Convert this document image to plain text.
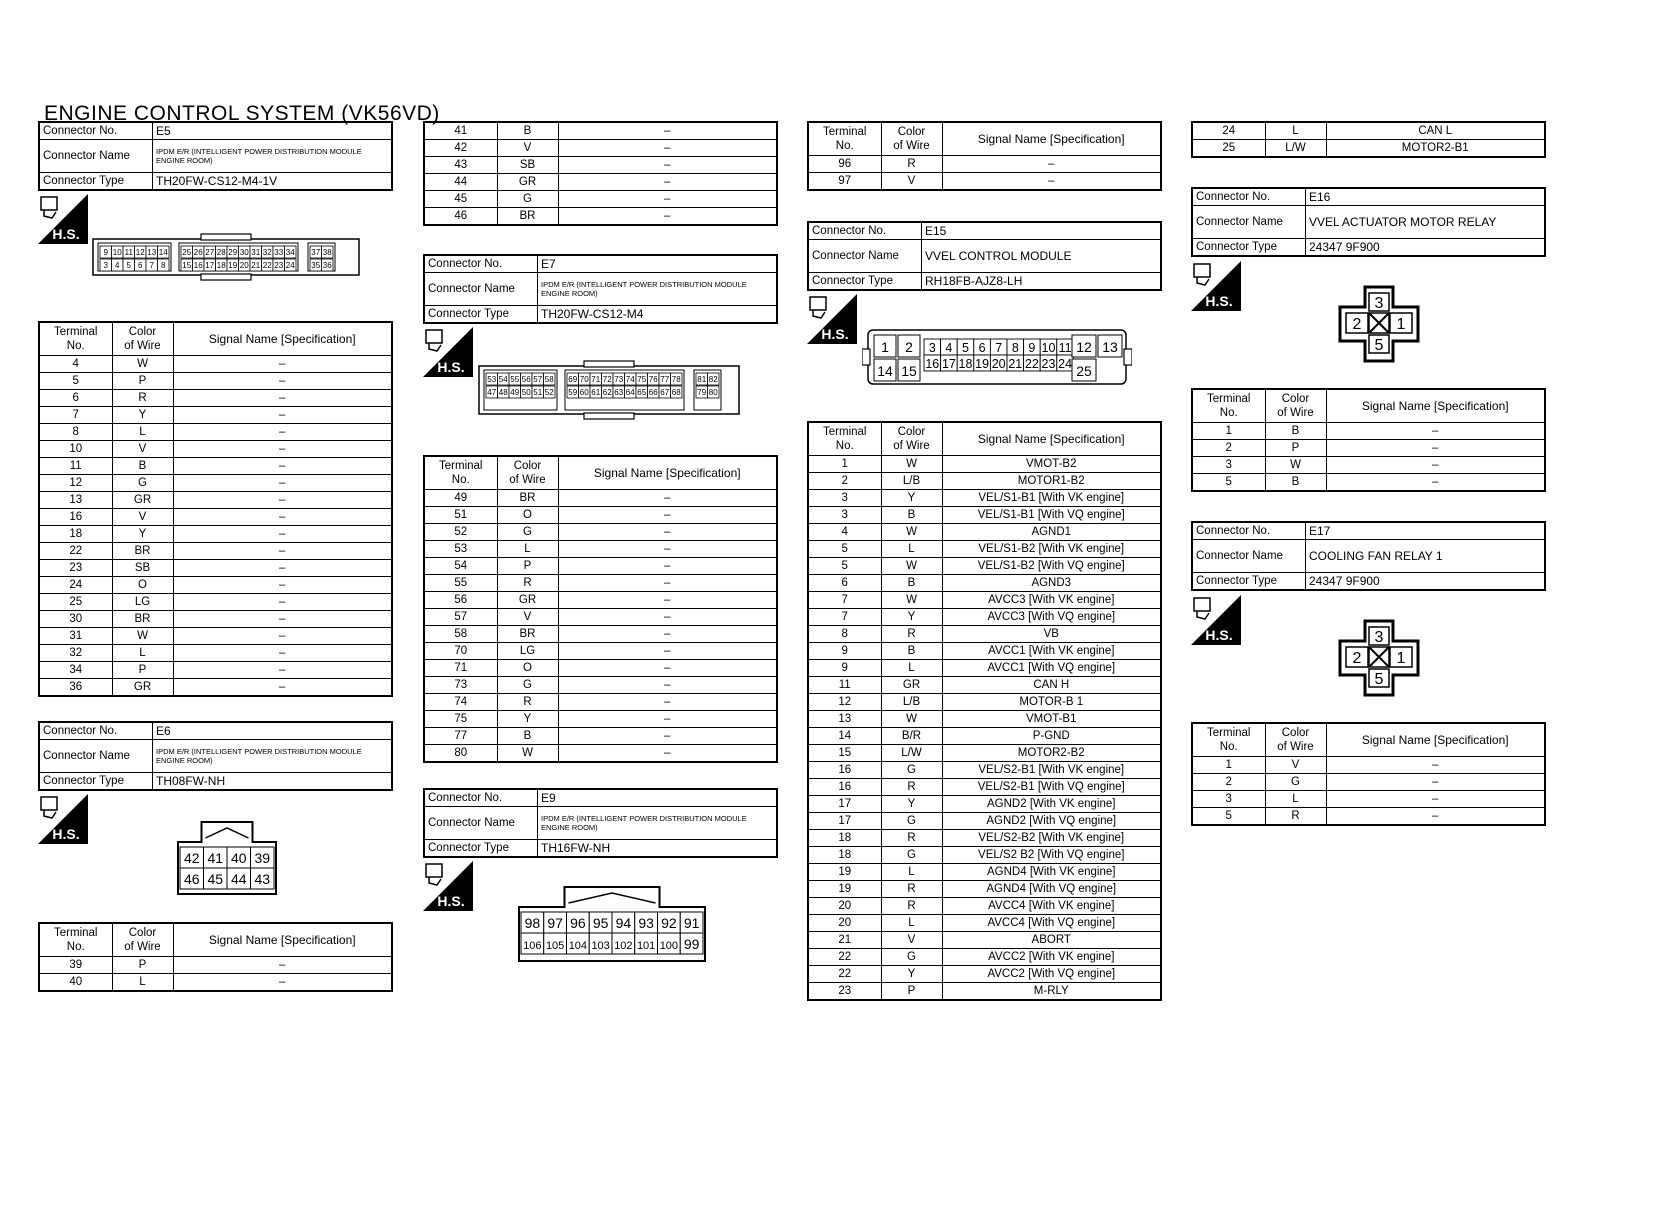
ENGINE CONTROL SYSTEM (VK56VD)
Connector No.	E5
Connector Name	IPDM E/R (INTELLIGENT POWER DISTRIBUTION MODULE ENGINE ROOM)
Connector Type	TH20FW-CS12-M4-1V
H.S.
9
3
10
4
11
5
12
6
13
7
14
8
25
15
26
16
27
17
28
18
29
19
30
20
31
21
32
22
33
23
34
24
37
35
38
36
Terminal
No.	Color
of Wire	Signal Name [Specification]
4	W	–
5	P	–
6	R	–
7	Y	–
8	L	–
10	V	–
11	B	–
12	G	–
13	GR	–
16	V	–
18	Y	–
22	BR	–
23	SB	–
24	O	–
25	LG	–
30	BR	–
31	W	–
32	L	–
34	P	–
36	GR	–
Connector No.	E6
Connector Name	IPDM E/R (INTELLIGENT POWER DISTRIBUTION MODULE ENGINE ROOM)
Connector Type	TH08FW-NH
H.S.
42
46
41
45
40
44
39
43
Terminal
No.	Color
of Wire	Signal Name [Specification]
39	P	–
40	L	–
41	B	–
42	V	–
43	SB	–
44	GR	–
45	G	–
46	BR	–
Connector No.	E7
Connector Name	IPDM E/R (INTELLIGENT POWER DISTRIBUTION MODULE ENGINE ROOM)
Connector Type	TH20FW-CS12-M4
H.S.
53
47
54
48
55
49
56
50
57
51
58
52
69
59
70
60
71
61
72
62
73
63
74
64
75
65
76
66
77
67
78
68
81
79
82
80
Terminal
No.	Color
of Wire	Signal Name [Specification]
49	BR	–
51	O	–
52	G	–
53	L	–
54	P	–
55	R	–
56	GR	–
57	V	–
58	BR	–
70	LG	–
71	O	–
73	G	–
74	R	–
75	Y	–
77	B	–
80	W	–
Connector No.	E9
Connector Name	IPDM E/R (INTELLIGENT POWER DISTRIBUTION MODULE ENGINE ROOM)
Connector Type	TH16FW-NH
H.S.
98
106
97
105
96
104
95
103
94
102
93
101
92
100
91
99
Terminal
No.	Color
of Wire	Signal Name [Specification]
96	R	–
97	V	–
Connector No.	E15
Connector Name	VVEL CONTROL MODULE
Connector Type	RH18FB-AJZ8-LH
H.S.
1 2 3
16
4
17
5
18
6
19
7
20
8
21
9
22
10
23
11
24
12 13
14 15	25
Terminal
No.	Color
of Wire	Signal Name [Specification]
1	W	VMOT-B2
2	L/B	MOTOR1-B2
3	Y	VEL/S1-B1 [With VK engine]
3	B	VEL/S1-B1 [With VQ engine]
4	W	AGND1
5	L	VEL/S1-B2 [With VK engine]
5	W	VEL/S1-B2 [With VQ engine]
6	B	AGND3
7	W	AVCC3 [With VK engine]
7	Y	AVCC3 [With VQ engine]
8	R	VB
9	B	AVCC1 [With VK engine]
9	L	AVCC1 [With VQ engine]
11	GR	CAN H
12	L/B	MOTOR-B 1
13	W	VMOT-B1
14	B/R	P-GND
15	L/W	MOTOR2-B2
16	G	VEL/S2-B1 [With VK engine]
16	R	VEL/S2-B1 [With VQ engine]
17	Y	AGND2 [With VK engine]
17	G	AGND2 [With VQ engine]
18	R	VEL/S2-B2 [With VK engine]
18	G	VEL/S2 B2 [With VQ engine]
19	L	AGND4 [With VK engine]
19	R	AGND4 [With VQ engine]
20	R	AVCC4 [With VK engine]
20	L	AVCC4 [With VQ engine]
21	V	ABORT
22	G	AVCC2 [With VK engine]
22	Y	AVCC2 [With VQ engine]
23	P	M-RLY
24	L	CAN L
25	L/W	MOTOR2-B1
Connector No.	E16
Connector Name	VVEL ACTUATOR MOTOR RELAY
Connector Type	24347 9F900
H.S.	3
2 1
5
Terminal
No.	Color
of Wire	Signal Name [Specification]
1	B	–
2	P	–
3	W	–
5	B	–
Connector No.	E17
Connector Name	COOLING FAN RELAY 1
Connector Type	24347 9F900
H.S.	3
2 1
5
Terminal
No.	Color
of Wire	Signal Name [Specification]
1	V	–
2	G	–
3	L	–
5	R	–
